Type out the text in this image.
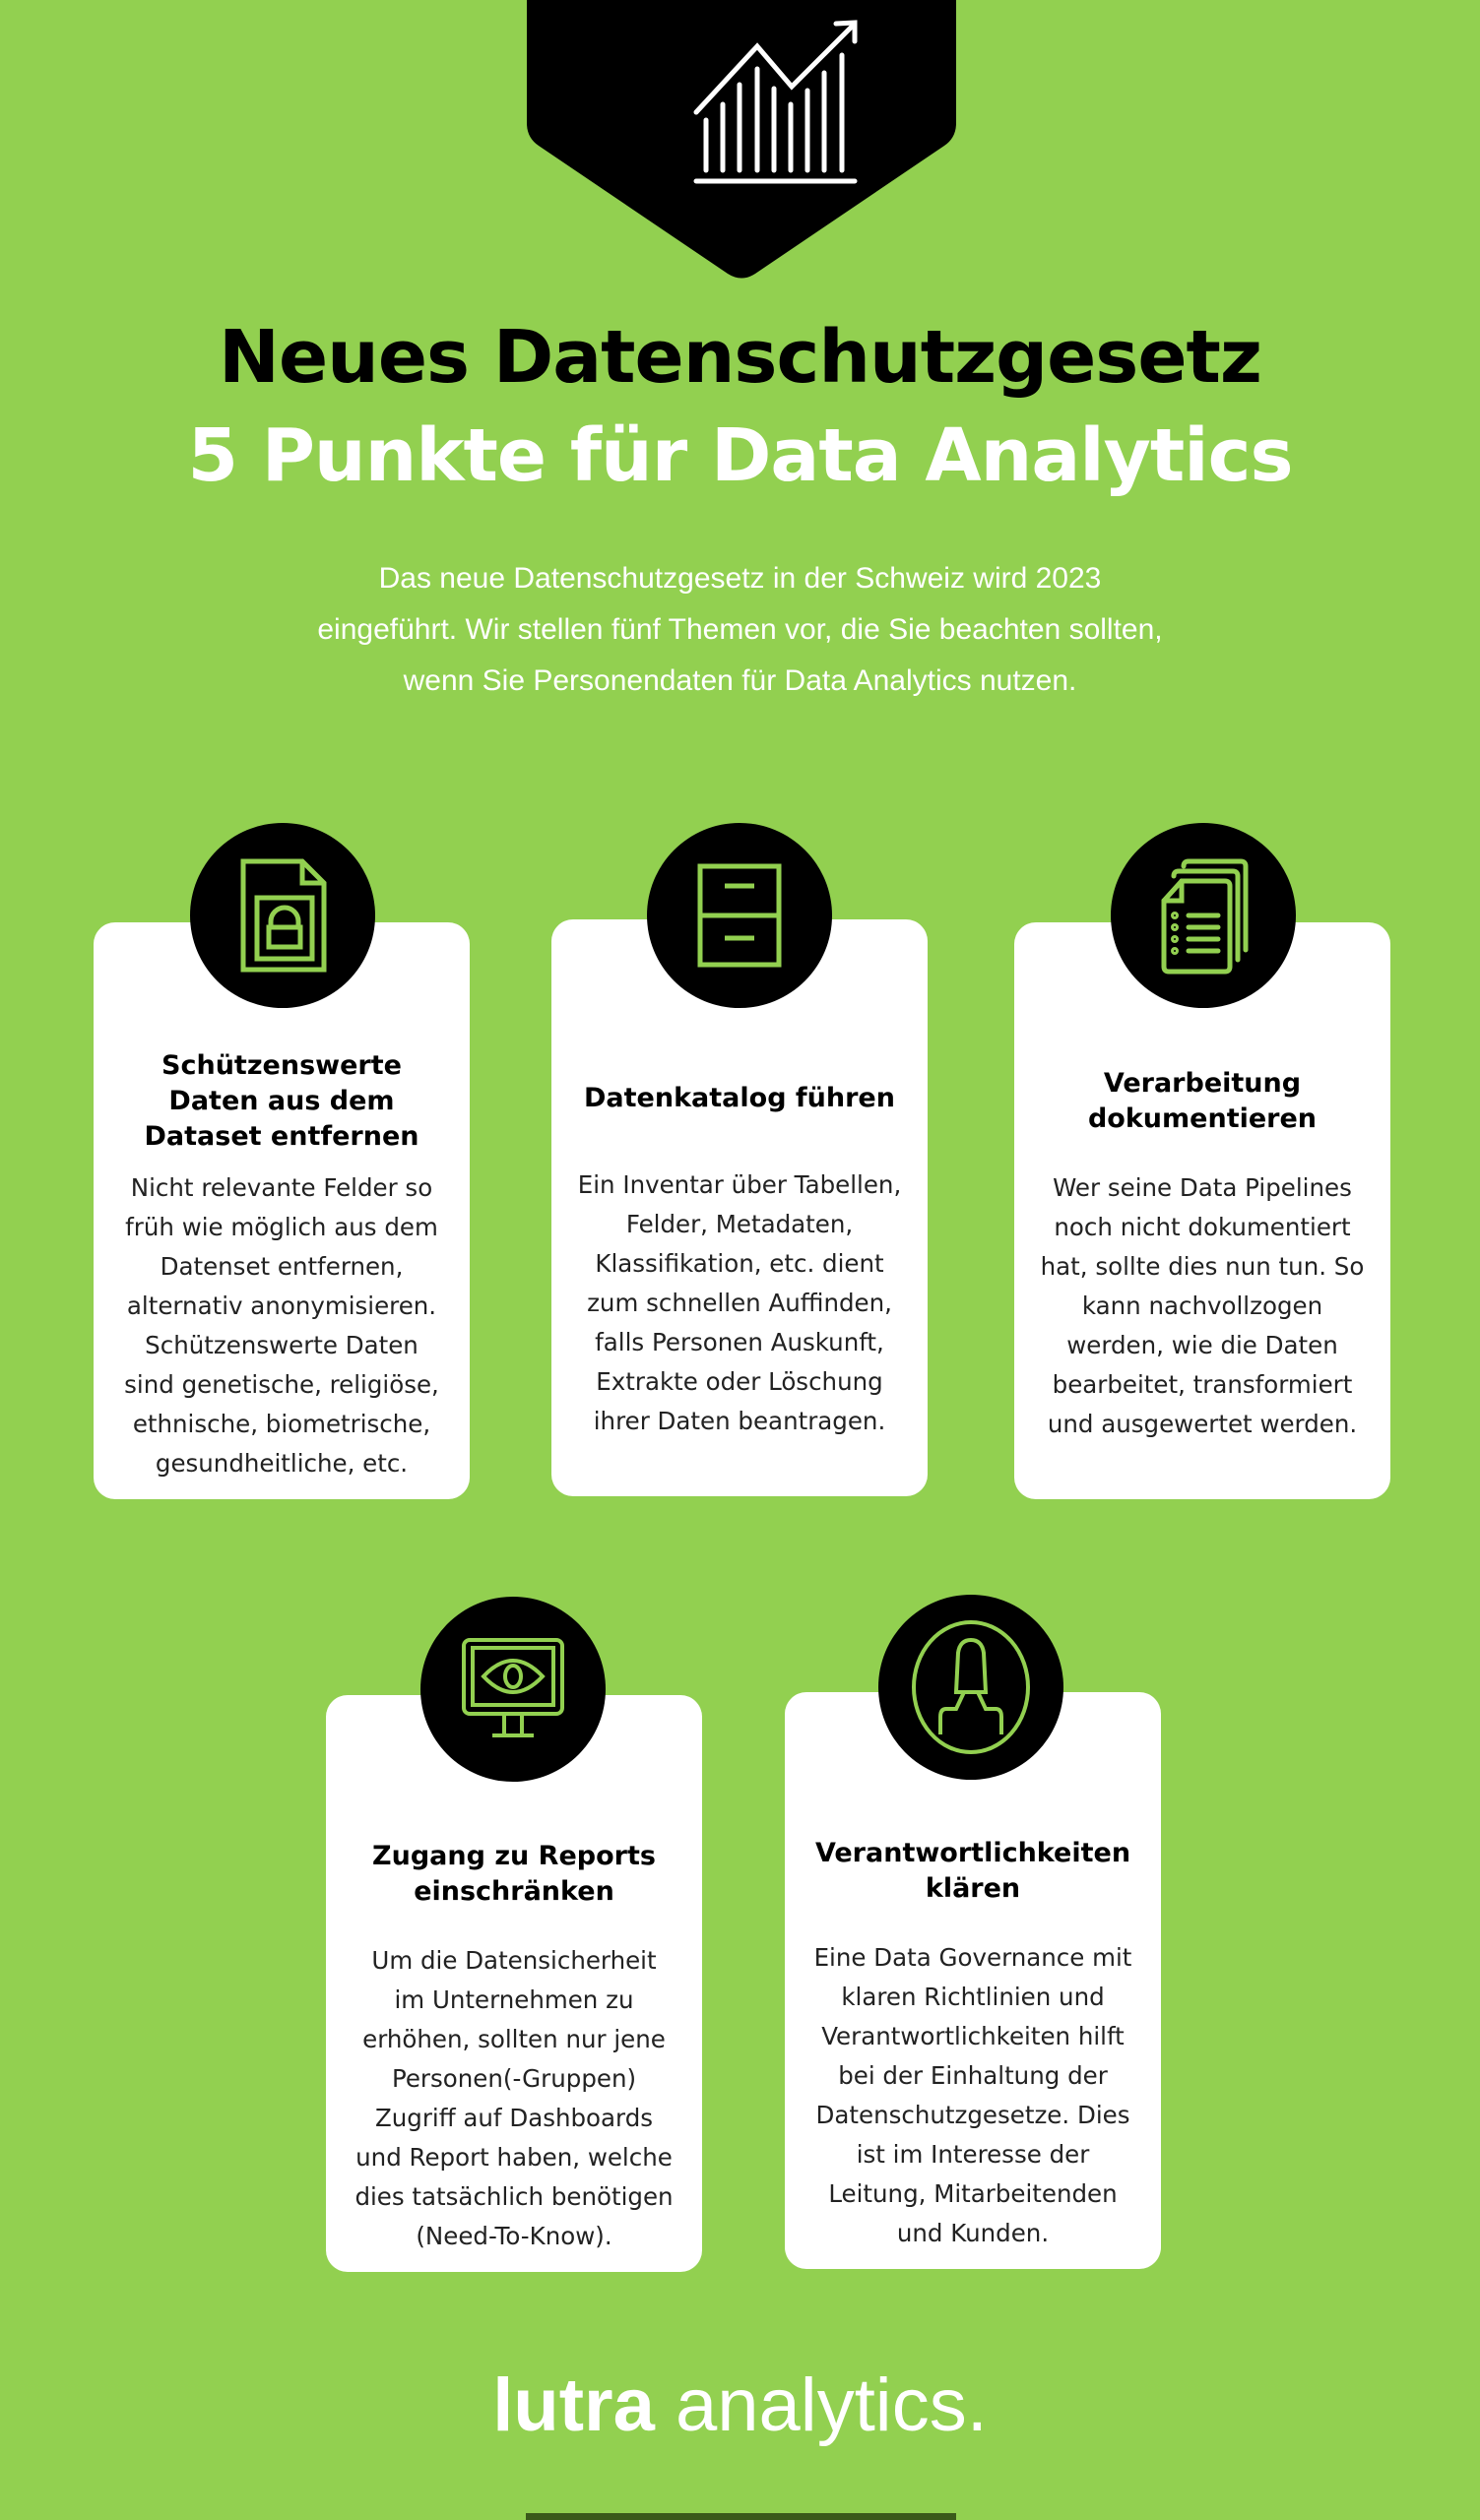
Neues Datenschutzgesetz
5 Punkte für Data Analytics
Das neue Datenschutzgesetz in der Schweiz wird 2023
eingeführt. Wir stellen fünf Themen vor, die Sie beachten sollten,
wenn Sie Personendaten für Data Analytics nutzen.
Schützenswerte
Daten aus dem
Dataset entfernen
Nicht relevante Felder so
früh wie möglich aus dem
Datenset entfernen,
alternativ anonymisieren.
Schützenswerte Daten
sind genetische, religiöse,
ethnische, biometrische,
gesundheitliche, etc.
Datenkatalog führen
Ein Inventar über Tabellen,
Felder, Metadaten,
Klassifikation, etc. dient
zum schnellen Auffinden,
falls Personen Auskunft,
Extrakte oder Löschung
ihrer Daten beantragen.
Verarbeitung
dokumentieren
Wer seine Data Pipelines
noch nicht dokumentiert
hat, sollte dies nun tun. So
kann nachvollzogen
werden, wie die Daten
bearbeitet, transformiert
und ausgewertet werden.
Zugang zu Reports
einschränken
Um die Datensicherheit
im Unternehmen zu
erhöhen, sollten nur jene
Personen(-Gruppen)
Zugriff auf Dashboards
und Report haben, welche
dies tatsächlich benötigen
(Need-To-Know).
Verantwortlichkeiten
klären
Eine Data Governance mit
klaren Richtlinien und
Verantwortlichkeiten hilft
bei der Einhaltung der
Datenschutzgesetze. Dies
ist im Interesse der
Leitung, Mitarbeitenden
und Kunden.
lutra analytics.
